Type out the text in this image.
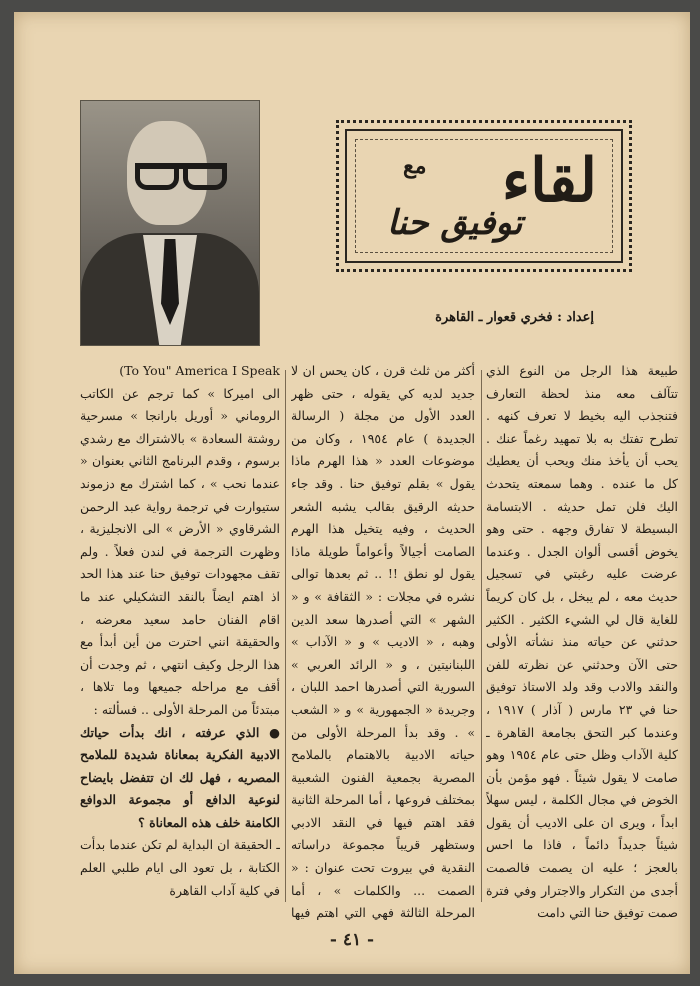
مع لقاء
توفيق حنا
إعداد : فخري قعوار ـ القاهرة

طبيعة هذا الرجل من النوع الذي تتآلف معه منذ لحظة التعارف فتنجذب اليه بخيط لا تعرف كنهه . تطرح تفتك به بلا تمهيد رغماً عنك . يحب أن يأخذ منك ويحب أن يعطيك كل ما عنده . وهما سمعته يتحدث اليك فلن تمل حديثه . الابتسامة البسيطة لا تفارق وجهه . حتى وهو يخوض أقسى ألوان الجدل . وعندما عرضت عليه رغبتي في تسجيل حديث معه ، لم يبخل ، بل كان كريماً للغاية قال لي الشيء الكثير . الكثير حدثني عن حياته منذ نشأته الأولى حتى الآن وحدثني عن نظرته للفن والنقد والادب وقد ولد الاستاذ توفيق حنا في ٢٣ مارس ( آذار ) ١٩١٧ ، وعندما كبر التحق بجامعة القاهرة ـ كلية الآداب وظل حتى عام ١٩٥٤ وهو صامت لا يقول شيئاً . فهو مؤمن بأن الخوض في مجال الكلمة ، ليس سهلاً ابداً ، ويرى ان على الاديب أن يقول شيئاً جديداً دائماً ، فاذا ما احس بالعجز ؛ عليه ان يصمت فالصمت أجدى من التكرار والاجترار وفي فترة صمت توفيق حنا التي دامت

أكثر من ثلث قرن ، كان يحس ان لا جديد لديه كي يقوله ، حتى ظهر العدد الأول من مجلة ( الرسالة الجديدة ) عام ١٩٥٤ ، وكان من موضوعات العدد « هذا الهرم ماذا يقول » بقلم توفيق حنا . وقد جاء حديثه الرقيق بقالب يشبه الشعر الحديث ، وفيه يتخيل هذا الهرم الصامت أجيالاً وأعواماً طويلة ماذا يقول لو نطق !! .. ثم بعدها توالى نشره في مجلات : « الثقافة » و « الشهر » التي أصدرها سعد الدين وهبه ، « الاديب » و « الآداب » اللبنانيتين ، و « الرائد العربي » السورية التي أصدرها احمد اللبان ، وجريدة « الجمهورية » و « الشعب » . وقد بدأ المرحلة الأولى من حياته الادبية بالاهتمام بالملامح المصرية بجمعية الفنون الشعبية بمختلف فروعها ، أما المرحلة الثانية فقد اهتم فيها في النقد الادبي وستظهر قريباً مجموعة دراساته النقدية في بيروت تحت عنوان : « الصمت ... والكلمات » ، أما المرحلة الثالثة فهي التي اهتم فيها

(To You" America I Speak

الى اميركا » كما ترجم عن الكاتب الروماني « أوريل بارانجا » مسرحية روشتة السعادة » بالاشتراك مع رشدي برسوم ، وقدم البرنامج الثاني بعنوان « عندما نحب » ، كما اشترك مع دزموند ستيوارت في ترجمة رواية عبد الرحمن الشرقاوي « الأرض » الى الانجليزية ، وظهرت الترجمة في لندن فعلاً . ولم تقف مجهودات توفيق حنا عند هذا الحد اذ اهتم ايضاً بالنقد التشكيلي عند ما اقام الفنان حامد سعيد معرضه ، والحقيقة انني احترت من أين أبدأ مع هذا الرجل وكيف انتهي ، ثم وجدت أن أقف مع مراحله جميعها وما تلاها ، مبتدئاً من المرحلة الأولى .. فسألته :

● الذي عرفته ، انك بدأت حياتك الادبية الفكرية بمعاناة شديدة للملامح المصريه ، فهل لك ان تتفضل بايضاح لنوعية الدافع أو مجموعة الدوافع الكامنة خلف هذه المعاناة ؟

ـ الحقيقة ان البداية لم تكن عندما بدأت الكتابة ، بل تعود الى ايام طلبي العلم في كلية آداب القاهرة

- ٤١ -
